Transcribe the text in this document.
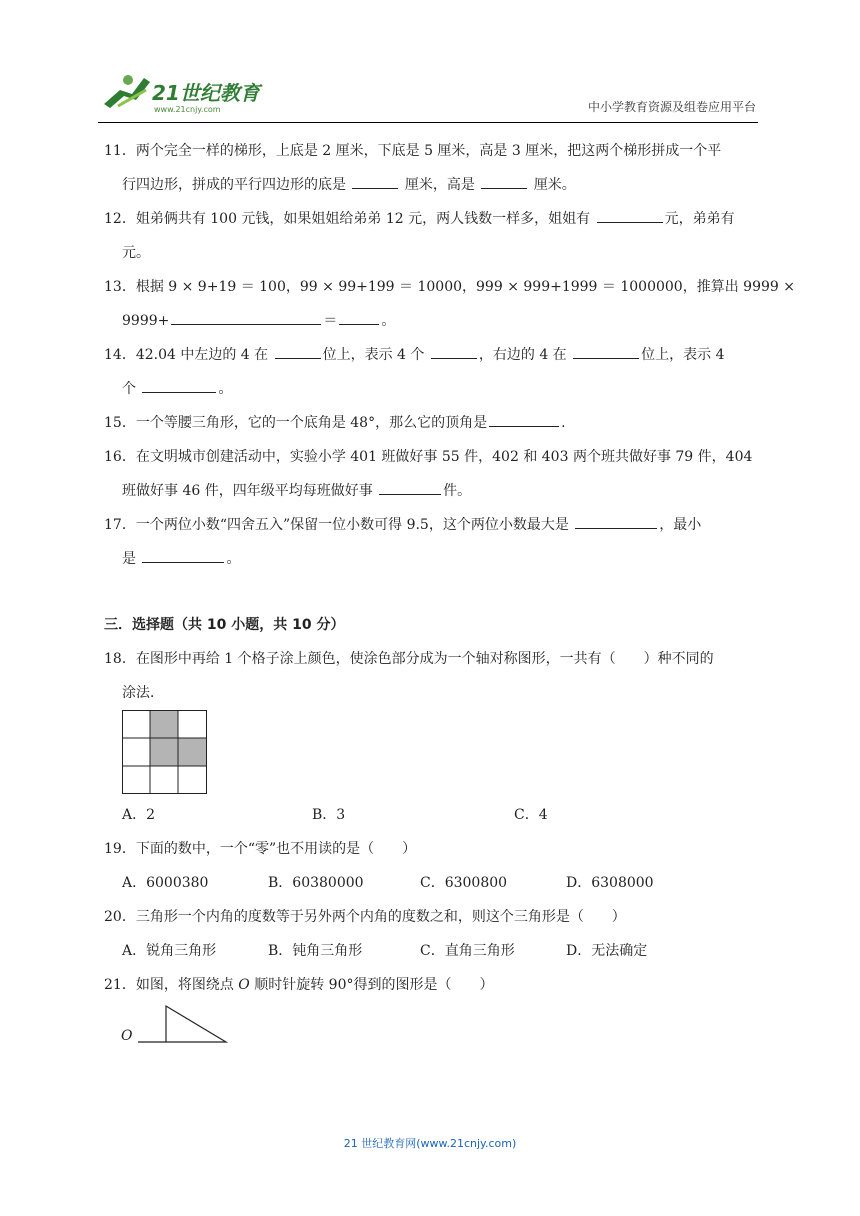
21世纪教育
www.21cnjy.com	中小学教育资源及组卷应用平台
11．两个完全一样的梯形，上底是 2 厘米，下底是 5 厘米，高是 3 厘米，把这两个梯形拼成一个平
行四边形，拼成的平行四边形的底是	厘米，高是	厘米。
12．姐弟俩共有 100 元钱，如果姐姐给弟弟 12 元，两人钱数一样多，姐姐有	元，弟弟有
元。
13．根据 9 × 9+19 ＝ 100，99 × 99+199 ＝ 10000，999 × 999+1999 ＝ 1000000，推算出 9999 ×
9999+	＝	。
14．42.04 中左边的 4 在	位上，表示 4 个	，右边的 4 在	位上，表示 4
个	。
15．一个等腰三角形，它的一个底角是 48°，那么它的顶角是	.
16．在文明城市创建活动中，实验小学 401 班做好事 55 件，402 和 403 两个班共做好事 79 件，404
班做好事 46 件，四年级平均每班做好事	件。
17．一个两位小数“四舍五入”保留一位小数可得 9.5，这个两位小数最大是	，最小
是	。
三．选择题（共 10 小题，共 10 分）
18．在图形中再给 1 个格子涂上颜色，使涂色部分成为一个轴对称图形，一共有（　　）种不同的
涂法．
A．2	B．3	C．4
19．下面的数中，一个“零”也不用读的是（　　）
A．6000380	B．60380000	C．6300800	D．6308000
20．三角形一个内角的度数等于另外两个内角的度数之和，则这个三角形是（　　）
A．锐角三角形	B．钝角三角形	C．直角三角形	D．无法确定
21．如图，将图绕点 O 顺时针旋转 90°得到的图形是（　　）
O
21 世纪教育网(www.21cnjy.com)
